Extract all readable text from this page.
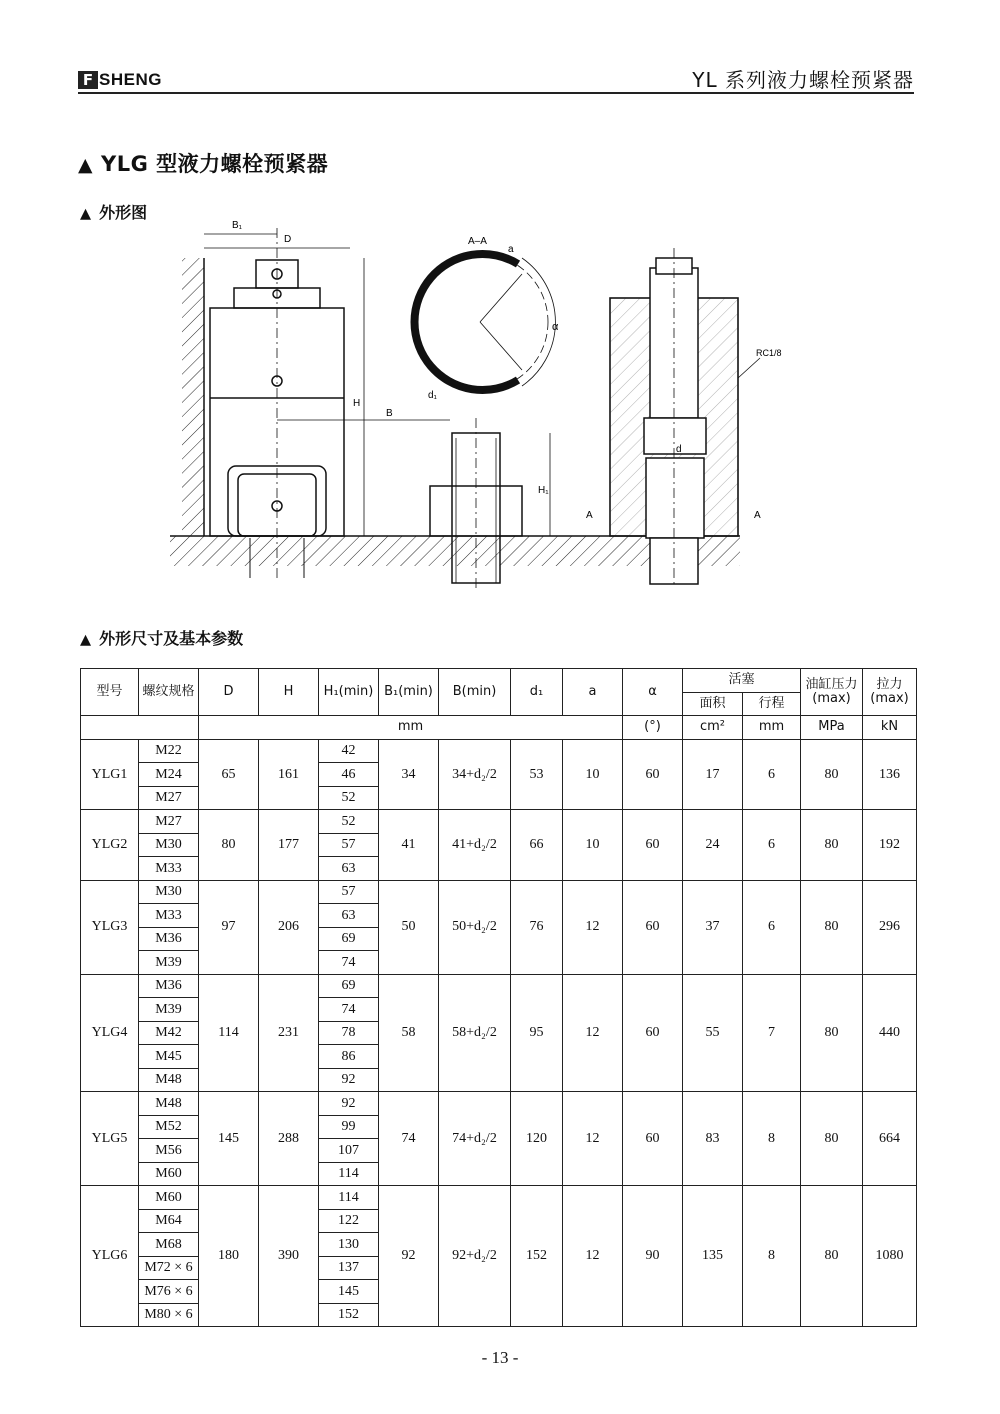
F SHENG	YL 系列液力螺栓预紧器
▲ YLG 型液力螺栓预紧器
▲ 外形图
B₁
D
H
B
H₁
A–A
a
α
d₁
RC1/8
d
A	A
▲ 外形尺寸及基本参数
型号	螺纹规格	D	H	H₁(min)	B₁(min)	B(min)	d₁	a	α	活塞		油缸压力(max)	拉力(max)
										面积	行程		
		mm							(°)	cm²	mm	MPa	kN
YLG1	M22	65	161	42	34	34+d₂/2	53	10	60	17	6	80	136
	M24			46									
	M27			52									
YLG2	M27	80	177	52	41	41+d₂/2	66	10	60	24	6	80	192
	M30			57									
	M33			63									
YLG3	M30	97	206	57	50	50+d₂/2	76	12	60	37	6	80	296
	M33			63									
	M36			69									
	M39			74									
YLG4	M36	114	231	69	58	58+d₂/2	95	12	60	55	7	80	440
	M39			74									
	M42			78									
	M45			86									
	M48			92									
YLG5	M48	145	288	92	74	74+d₂/2	120	12	60	83	8	80	664
	M52			99									
	M56			107									
	M60			114									
YLG6	M60	180	390	114	92	92+d₂/2	152	12	90	135	8	80	1080
	M64			122									
	M68			130									
	M72 × 6			137									
	M76 × 6			145									
	M80 × 6			152									
- 13 -
